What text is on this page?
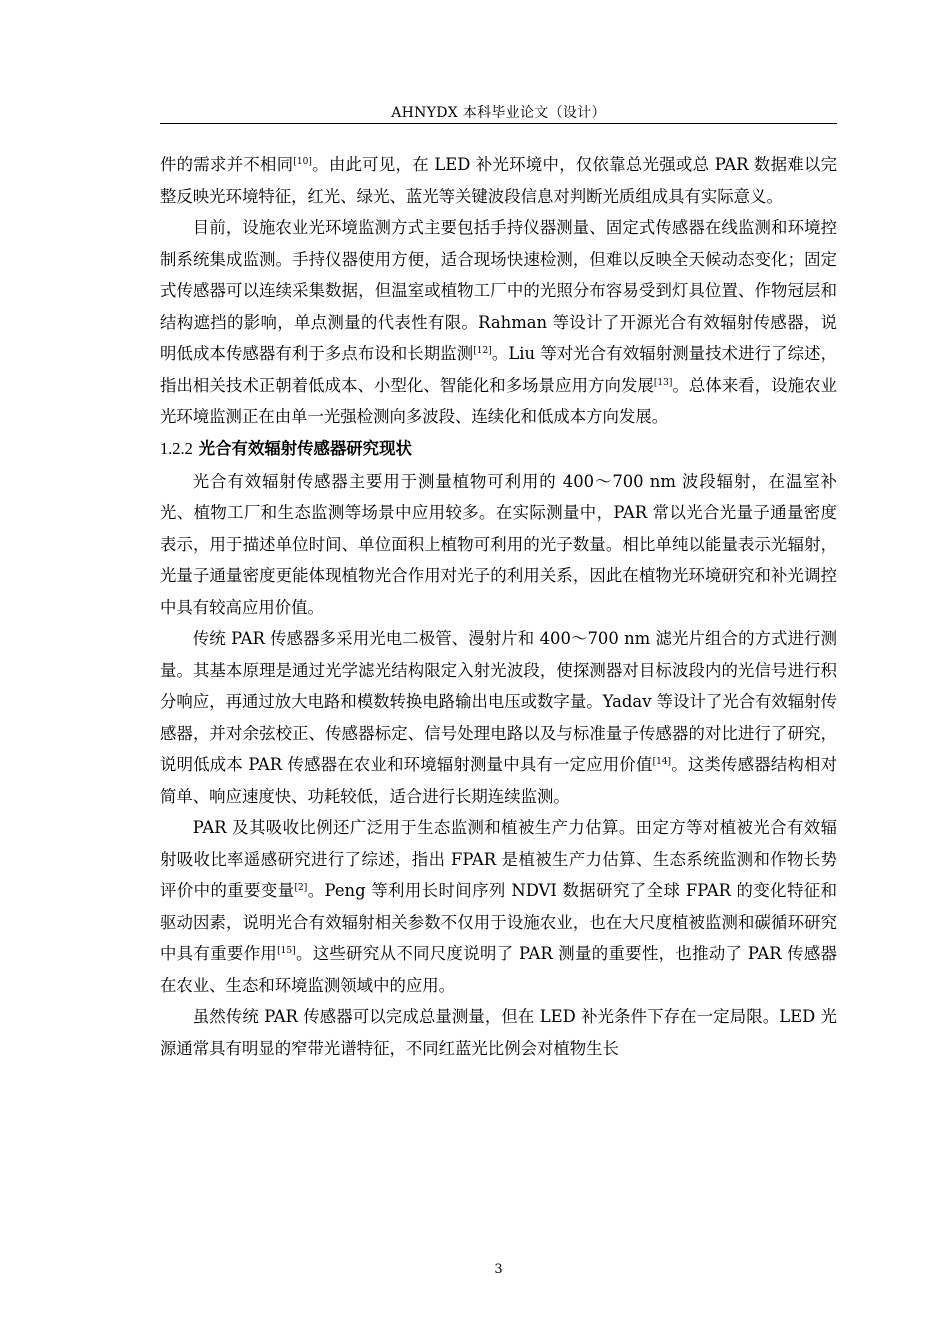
AHNYDX 本科毕业论文（设计）

件的需求并不相同[10]。由此可见，在 LED 补光环境中，仅依靠总光强或总 PAR 数据难以完整反映光环境特征，红光、绿光、蓝光等关键波段信息对判断光质组成具有实际意义。

目前，设施农业光环境监测方式主要包括手持仪器测量、固定式传感器在线监测和环境控制系统集成监测。手持仪器使用方便，适合现场快速检测，但难以反映全天候动态变化；固定式传感器可以连续采集数据，但温室或植物工厂中的光照分布容易受到灯具位置、作物冠层和结构遮挡的影响，单点测量的代表性有限。Rahman 等设计了开源光合有效辐射传感器，说明低成本传感器有利于多点布设和长期监测[12]。Liu 等对光合有效辐射测量技术进行了综述，指出相关技术正朝着低成本、小型化、智能化和多场景应用方向发展[13]。总体来看，设施农业光环境监测正在由单一光强检测向多波段、连续化和低成本方向发展。

1.2.2 光合有效辐射传感器研究现状

光合有效辐射传感器主要用于测量植物可利用的 400～700 nm 波段辐射，在温室补光、植物工厂和生态监测等场景中应用较多。在实际测量中，PAR 常以光合光量子通量密度表示，用于描述单位时间、单位面积上植物可利用的光子数量。相比单纯以能量表示光辐射，光量子通量密度更能体现植物光合作用对光子的利用关系，因此在植物光环境研究和补光调控中具有较高应用价值。

传统 PAR 传感器多采用光电二极管、漫射片和 400～700 nm 滤光片组合的方式进行测量。其基本原理是通过光学滤光结构限定入射光波段，使探测器对目标波段内的光信号进行积分响应，再通过放大电路和模数转换电路输出电压或数字量。Yadav 等设计了光合有效辐射传感器，并对余弦校正、传感器标定、信号处理电路以及与标准量子传感器的对比进行了研究，说明低成本 PAR 传感器在农业和环境辐射测量中具有一定应用价值[14]。这类传感器结构相对简单、响应速度快、功耗较低，适合进行长期连续监测。

PAR 及其吸收比例还广泛用于生态监测和植被生产力估算。田定方等对植被光合有效辐射吸收比率遥感研究进行了综述，指出 FPAR 是植被生产力估算、生态系统监测和作物长势评价中的重要变量[2]。Peng 等利用长时间序列 NDVI 数据研究了全球 FPAR 的变化特征和驱动因素，说明光合有效辐射相关参数不仅用于设施农业，也在大尺度植被监测和碳循环研究中具有重要作用[15]。这些研究从不同尺度说明了 PAR 测量的重要性，也推动了 PAR 传感器在农业、生态和环境监测领域中的应用。

虽然传统 PAR 传感器可以完成总量测量，但在 LED 补光条件下存在一定局限。LED 光源通常具有明显的窄带光谱特征，不同红蓝光比例会对植物生长

3
